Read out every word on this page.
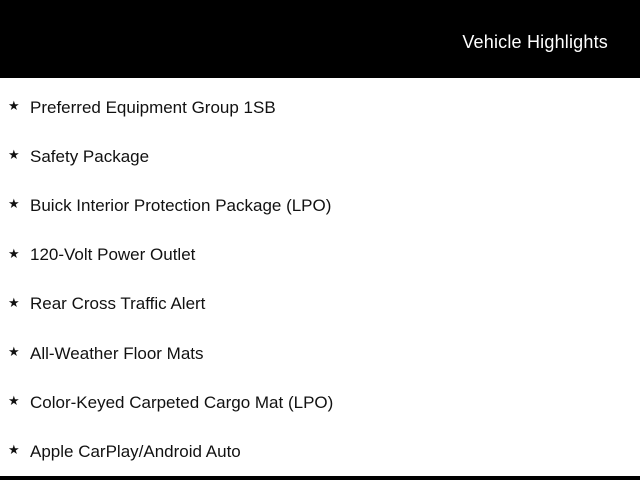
Vehicle Highlights
★ Preferred Equipment Group 1SB
★ Safety Package
★ Buick Interior Protection Package (LPO)
★ 120-Volt Power Outlet
★ Rear Cross Traffic Alert
★ All-Weather Floor Mats
★ Color-Keyed Carpeted Cargo Mat (LPO)
★ Apple CarPlay/Android Auto
